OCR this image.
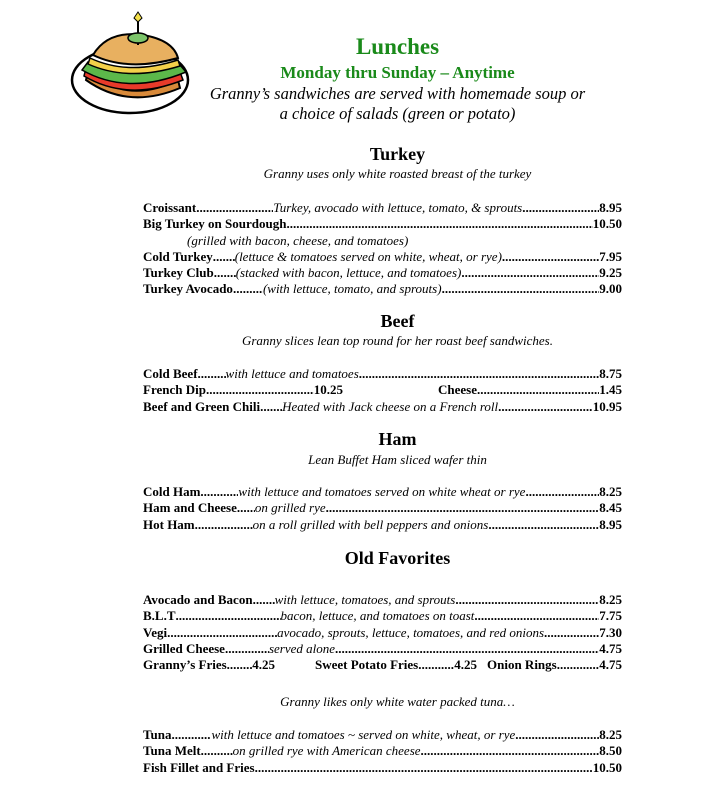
Lunches
Monday thru Sunday – Anytime
Granny’s sandwiches are served with homemade soup or
a choice of salads (green or potato)
Turkey
Granny uses only white roasted breast of the turkey
Croissant .....	Turkey, avocado with lettuce, tomato, & sprouts .....	8.95
Big Turkey on Sourdough .....	10.50
(grilled with bacon, cheese, and tomatoes)
Cold Turkey ..... (lettuce & tomatoes served on white, wheat, or rye) .....	7.95
Turkey Club ..... (stacked with bacon, lettuce, and tomatoes) .....	9.25
Turkey Avocado ..... (with lettuce, tomato, and sprouts) .....	9.00
Beef
Granny slices lean top round for her roast beef sandwiches.
Cold Beef ..... with lettuce and tomatoes .....	8.75
French Dip .....	10.25	Cheese .....	1.45
Beef and Green Chili ..... Heated with Jack cheese on a French roll .....	10.95
Ham
Lean Buffet Ham sliced wafer thin
Cold Ham .....	with lettuce and tomatoes served on white wheat or rye .....	8.25
Ham and Cheese ..... on grilled rye .....	8.45
Hot Ham .....	on a roll grilled with bell peppers and onions .....	8.95
Old Favorites
Avocado and Bacon ..... with lettuce, tomatoes, and sprouts .....	8.25
B.L.T .....	bacon, lettuce, and tomatoes on toast .....	7.75
Vegi .....	avocado, sprouts, lettuce, tomatoes, and red onions .....	7.30
Grilled Cheese .....	served alone .....	4.75
Granny’s Fries ..... 4.25	Sweet Potato Fries .....	4.25 Onion Rings .....	4.75
Granny likes only white water packed tuna…
Tuna .....	with lettuce and tomatoes ~ served on white, wheat, or rye .....	8.25
Tuna Melt ..... on grilled rye with American cheese .....	8.50
Fish Fillet and Fries .....	10.50
